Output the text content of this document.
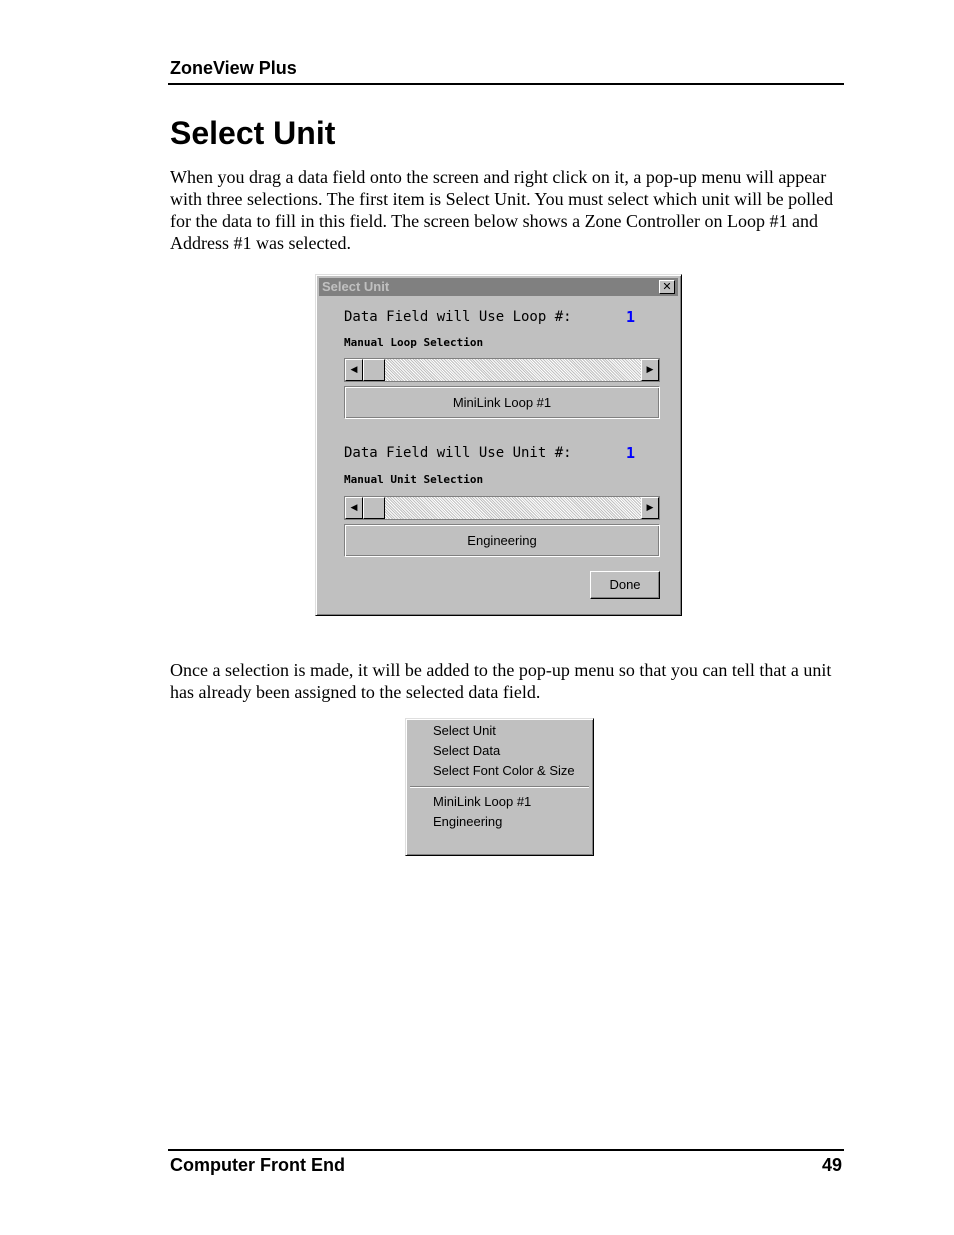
ZoneView Plus
Select Unit

When you drag a data field onto the screen and right click on it, a pop-up menu will appear with three selections. The first item is Select Unit. You must select which unit will be polled for the data to fill in this field. The screen below shows a Zone Controller on Loop #1 and Address #1 was selected.

Select Unit	✕
Data Field will Use Loop #:	1
Manual Loop Selection
◀	▶
MiniLink Loop #1
Data Field will Use Unit #:	1
Manual Unit Selection
◀	▶
Engineering
Done

Once a selection is made, it will be added to the pop-up menu so that you can tell that a unit has already been assigned to the selected data field.

Select Unit
Select Data
Select Font Color & Size
MiniLink Loop #1
Engineering
Computer Front End	49
